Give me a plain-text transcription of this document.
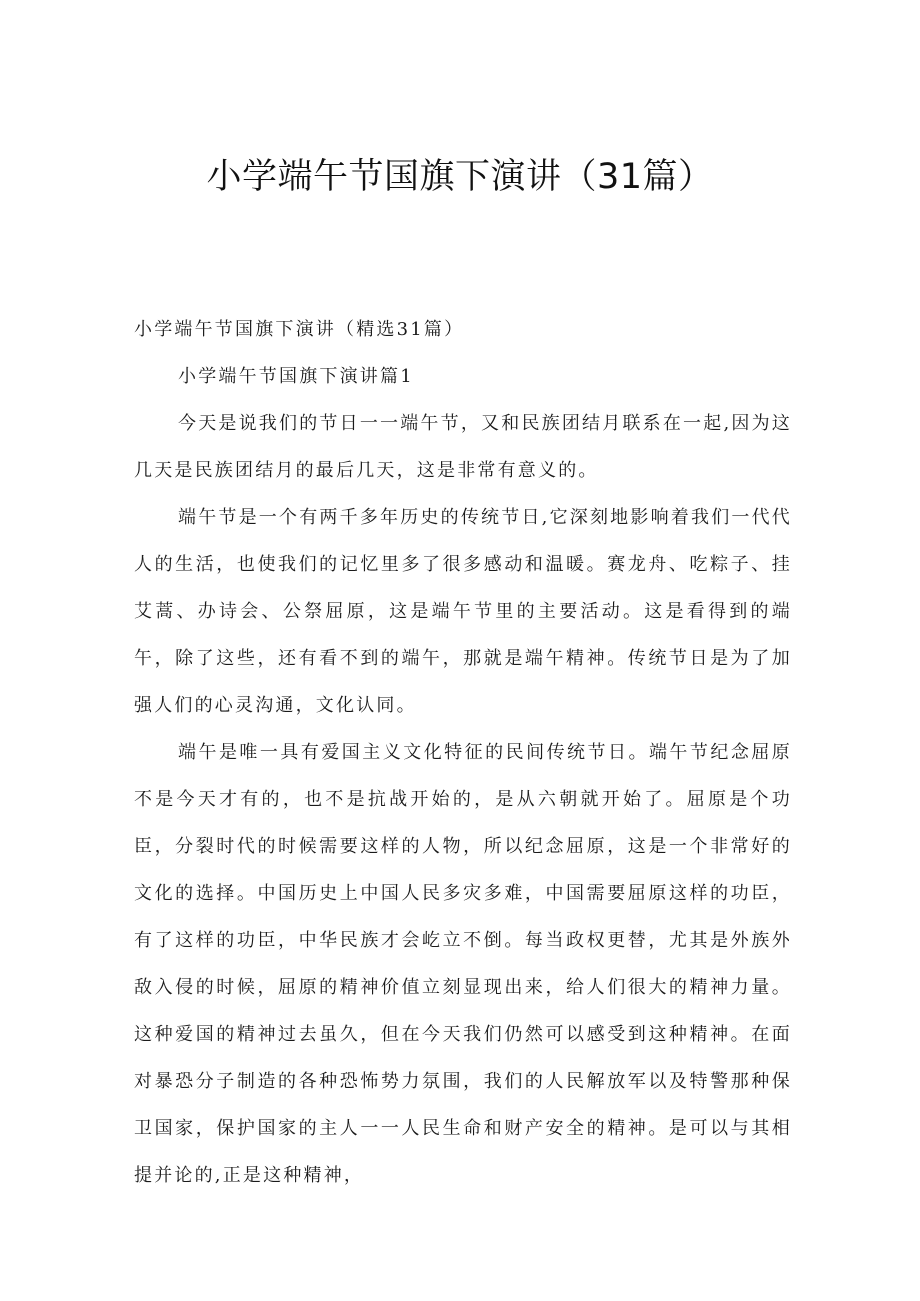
小学端午节国旗下演讲（31篇）

小学端午节国旗下演讲（精选31篇）

小学端午节国旗下演讲篇1

今天是说我们的节日一一端午节，又和民族团结月联系在一起,因为这几天是民族团结月的最后几天，这是非常有意义的。

端午节是一个有两千多年历史的传统节日,它深刻地影响着我们一代代人的生活，也使我们的记忆里多了很多感动和温暖。赛龙舟、吃粽子、挂艾蒿、办诗会、公祭屈原，这是端午节里的主要活动。这是看得到的端午，除了这些，还有看不到的端午，那就是端午精神。传统节日是为了加强人们的心灵沟通，文化认同。

端午是唯一具有爱国主义文化特征的民间传统节日。端午节纪念屈原不是今天才有的，也不是抗战开始的，是从六朝就开始了。屈原是个功臣，分裂时代的时候需要这样的人物，所以纪念屈原，这是一个非常好的文化的选择。中国历史上中国人民多灾多难，中国需要屈原这样的功臣，有了这样的功臣，中华民族才会屹立不倒。每当政权更替，尤其是外族外敌入侵的时候，屈原的精神价值立刻显现出来，给人们很大的精神力量。这种爱国的精神过去虽久，但在今天我们仍然可以感受到这种精神。在面对暴恐分子制造的各种恐怖势力氛围，我们的人民解放军以及特警那种保卫国家，保护国家的主人一一人民生命和财产安全的精神。是可以与其相提并论的,正是这种精神，
